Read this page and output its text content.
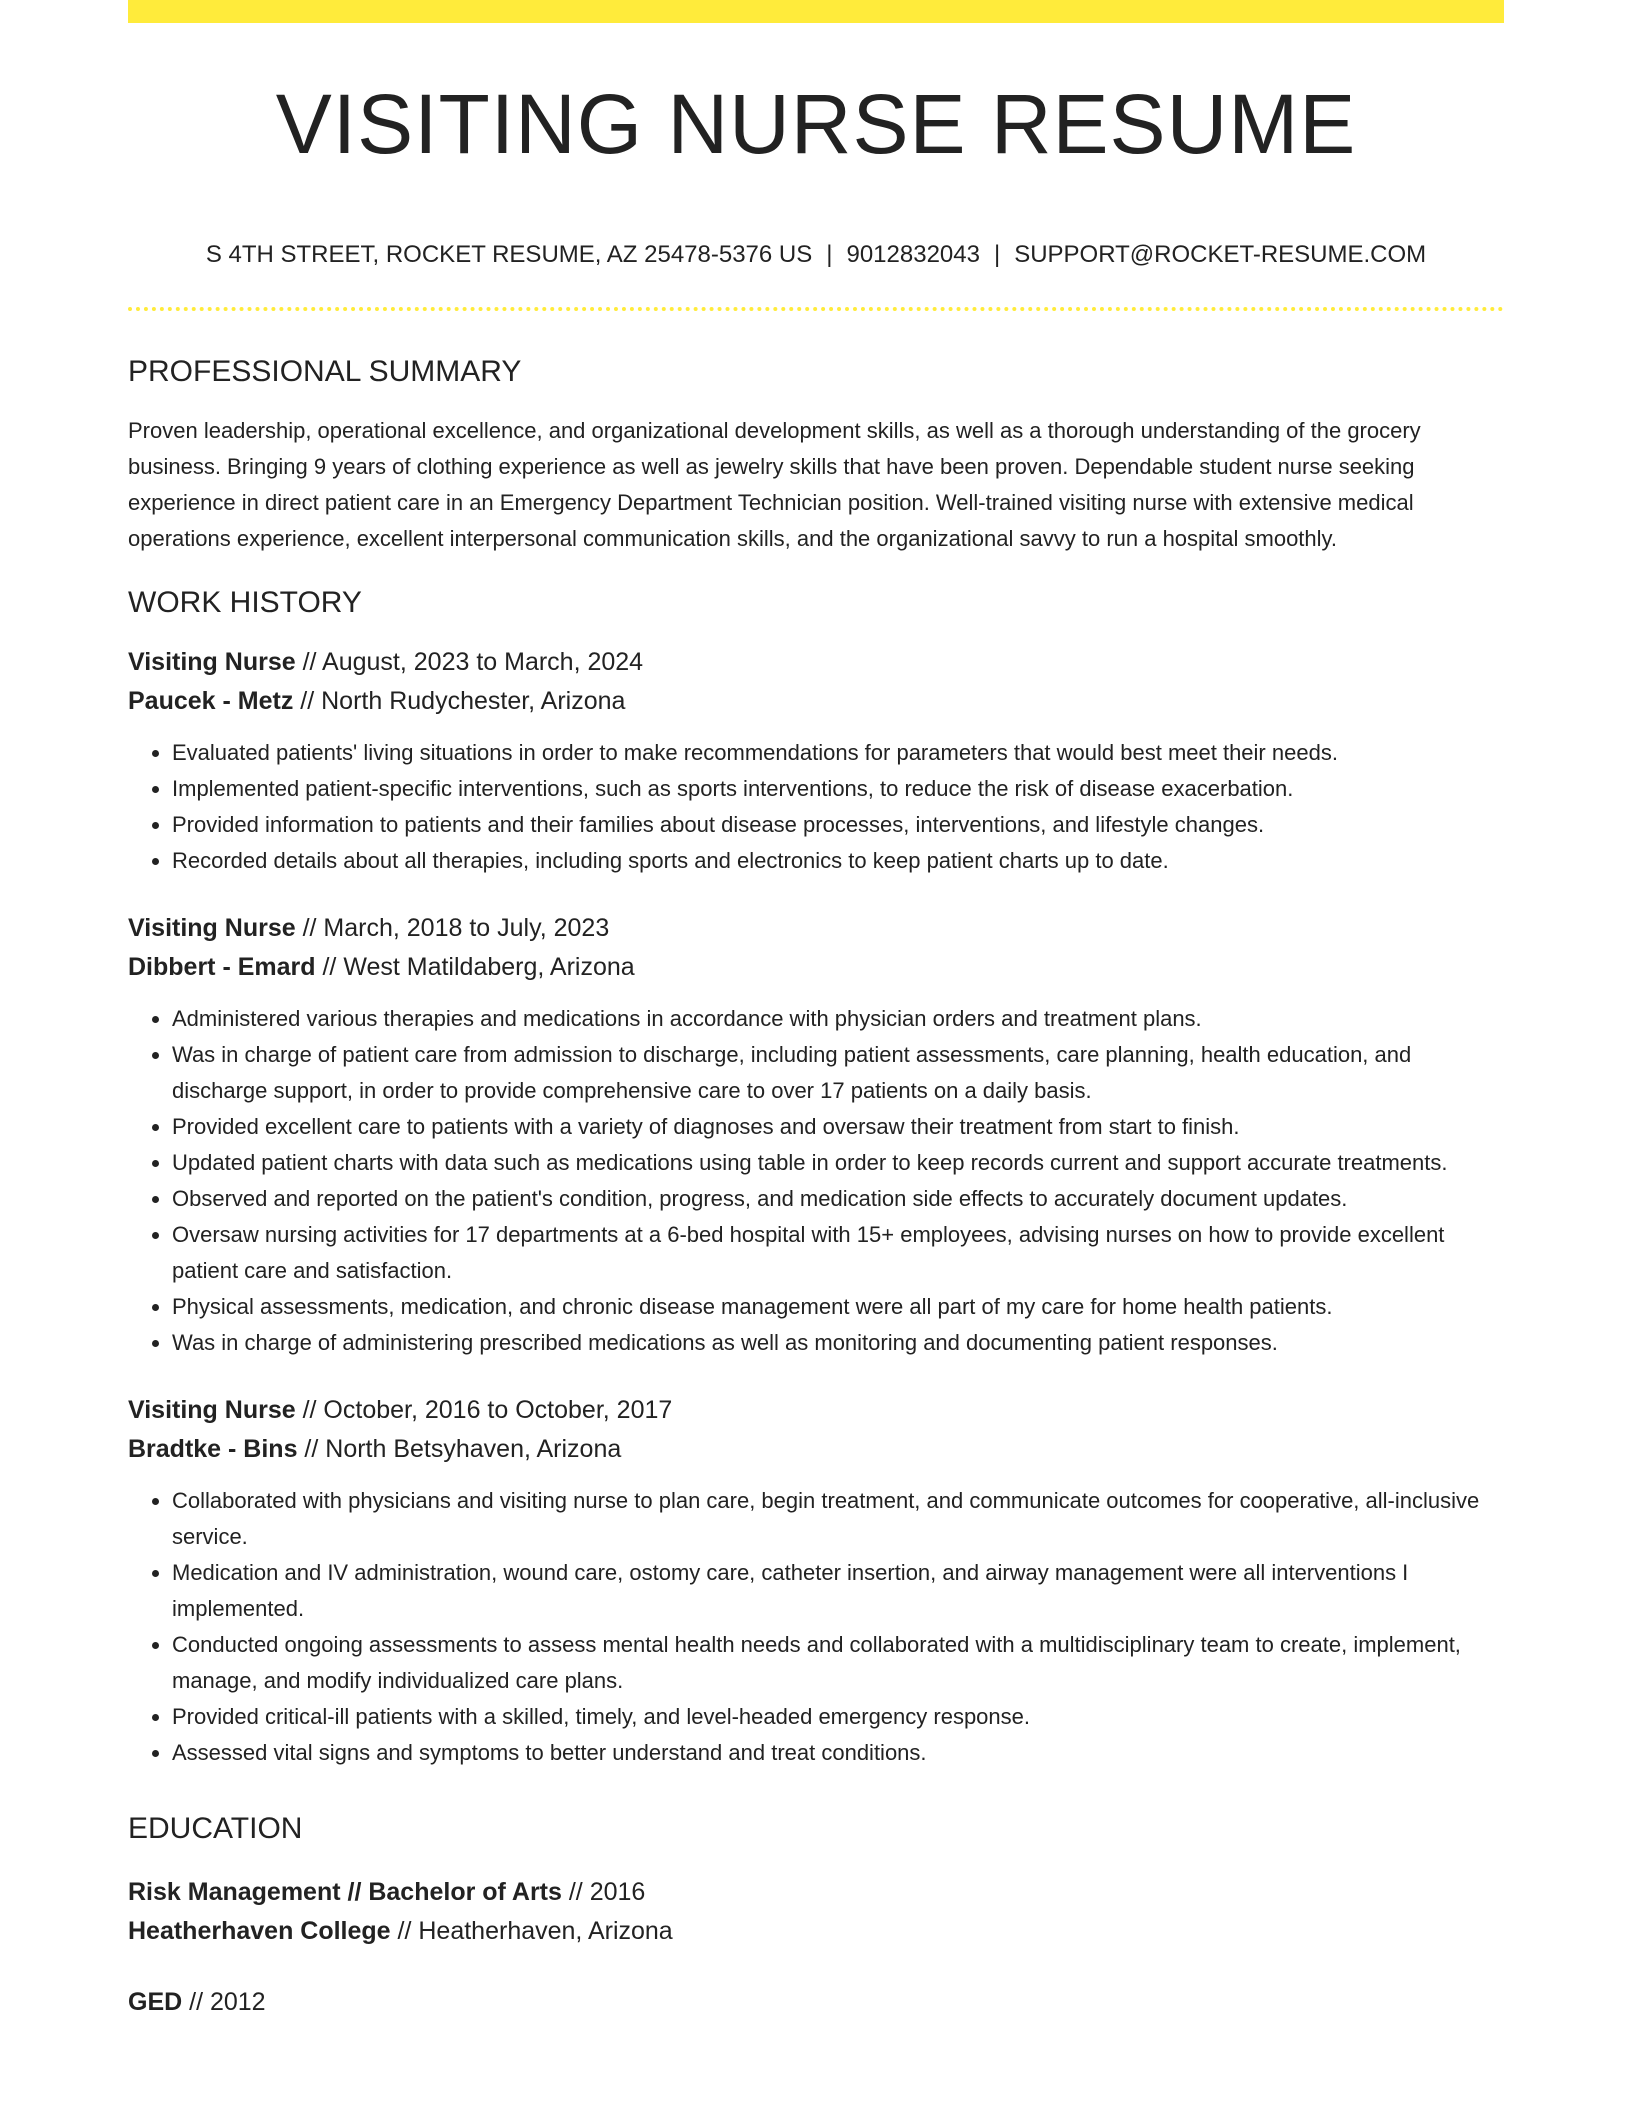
VISITING NURSE RESUME
S 4TH STREET, ROCKET RESUME, AZ 25478-5376 US | 9012832043 | SUPPORT@ROCKET-RESUME.COM
PROFESSIONAL SUMMARY

Proven leadership, operational excellence, and organizational development skills, as well as a thorough understanding of the grocery business. Bringing 9 years of clothing experience as well as jewelry skills that have been proven. Dependable student nurse seeking experience in direct patient care in an Emergency Department Technician position. Well-trained visiting nurse with extensive medical operations experience, excellent interpersonal communication skills, and the organizational savvy to run a hospital smoothly.

WORK HISTORY
Visiting Nurse // August, 2023 to March, 2024
Paucek - Metz // North Rudychester, Arizona
• Evaluated patients' living situations in order to make recommendations for parameters that would best meet their needs.
• Implemented patient-specific interventions, such as sports interventions, to reduce the risk of disease exacerbation.
• Provided information to patients and their families about disease processes, interventions, and lifestyle changes.
• Recorded details about all therapies, including sports and electronics to keep patient charts up to date.
Visiting Nurse // March, 2018 to July, 2023
Dibbert - Emard // West Matildaberg, Arizona
• Administered various therapies and medications in accordance with physician orders and treatment plans.
• Was in charge of patient care from admission to discharge, including patient assessments, care planning, health education, and discharge support, in order to provide comprehensive care to over 17 patients on a daily basis.
• Provided excellent care to patients with a variety of diagnoses and oversaw their treatment from start to finish.
• Updated patient charts with data such as medications using table in order to keep records current and support accurate treatments.
• Observed and reported on the patient's condition, progress, and medication side effects to accurately document updates.
• Oversaw nursing activities for 17 departments at a 6-bed hospital with 15+ employees, advising nurses on how to provide excellent patient care and satisfaction.
• Physical assessments, medication, and chronic disease management were all part of my care for home health patients.
• Was in charge of administering prescribed medications as well as monitoring and documenting patient responses.
Visiting Nurse // October, 2016 to October, 2017
Bradtke - Bins // North Betsyhaven, Arizona
• Collaborated with physicians and visiting nurse to plan care, begin treatment, and communicate outcomes for cooperative, all-inclusive service.
• Medication and IV administration, wound care, ostomy care, catheter insertion, and airway management were all interventions I implemented.
• Conducted ongoing assessments to assess mental health needs and collaborated with a multidisciplinary team to create, implement, manage, and modify individualized care plans.
• Provided critical-ill patients with a skilled, timely, and level-headed emergency response.
• Assessed vital signs and symptoms to better understand and treat conditions.
EDUCATION
Risk Management // Bachelor of Arts // 2016
Heatherhaven College // Heatherhaven, Arizona
GED // 2012
